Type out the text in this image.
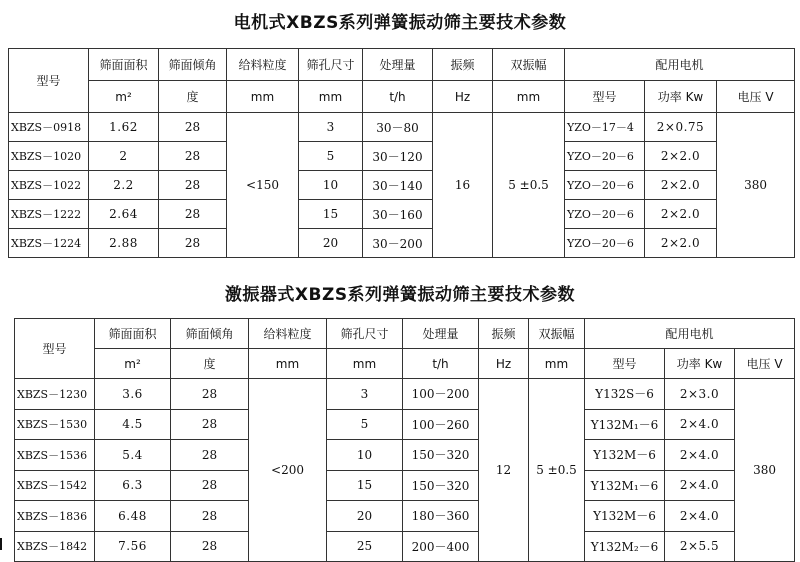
电机式XBZS系列弹簧振动筛主要技术参数
型号	筛面面积	筛面倾角	给料粒度	筛孔尺寸	处理量	振频	双振幅	配用电机		
	m²	度	mm	mm	t/h	Hz	mm	型号	功率 Kw	电压 V
XBZS－0918	1.62	28	<150	3	30－80	16	5 ±0.5	YZO－17－4	2×0.75	380
XBZS－1020	2	28		5	30－120			YZO－20－6	2×2.0	
XBZS－1022	2.2	28		10	30－140			YZO－20－6	2×2.0	
XBZS－1222	2.64	28		15	30－160			YZO－20－6	2×2.0	
XBZS－1224	2.88	28		20	30－200			YZO－20－6	2×2.0	
激振器式XBZS系列弹簧振动筛主要技术参数
型号	筛面面积	筛面倾角	给料粒度	筛孔尺寸	处理量	振频	双振幅	配用电机		
	m²	度	mm	mm	t/h	Hz	mm	型号	功率 Kw	电压 V
XBZS－1230	3.6	28	<200	3	100－200	12	5 ±0.5	Y132S－6	2×3.0	380
XBZS－1530	4.5	28		5	100－260			Y132M₁－6	2×4.0	
XBZS－1536	5.4	28		10	150－320			Y132M－6	2×4.0	
XBZS－1542	6.3	28		15	150－320			Y132M₁－6	2×4.0	
XBZS－1836	6.48	28		20	180－360			Y132M－6	2×4.0	
XBZS－1842	7.56	28		25	200－400			Y132M₂－6	2×5.5	
